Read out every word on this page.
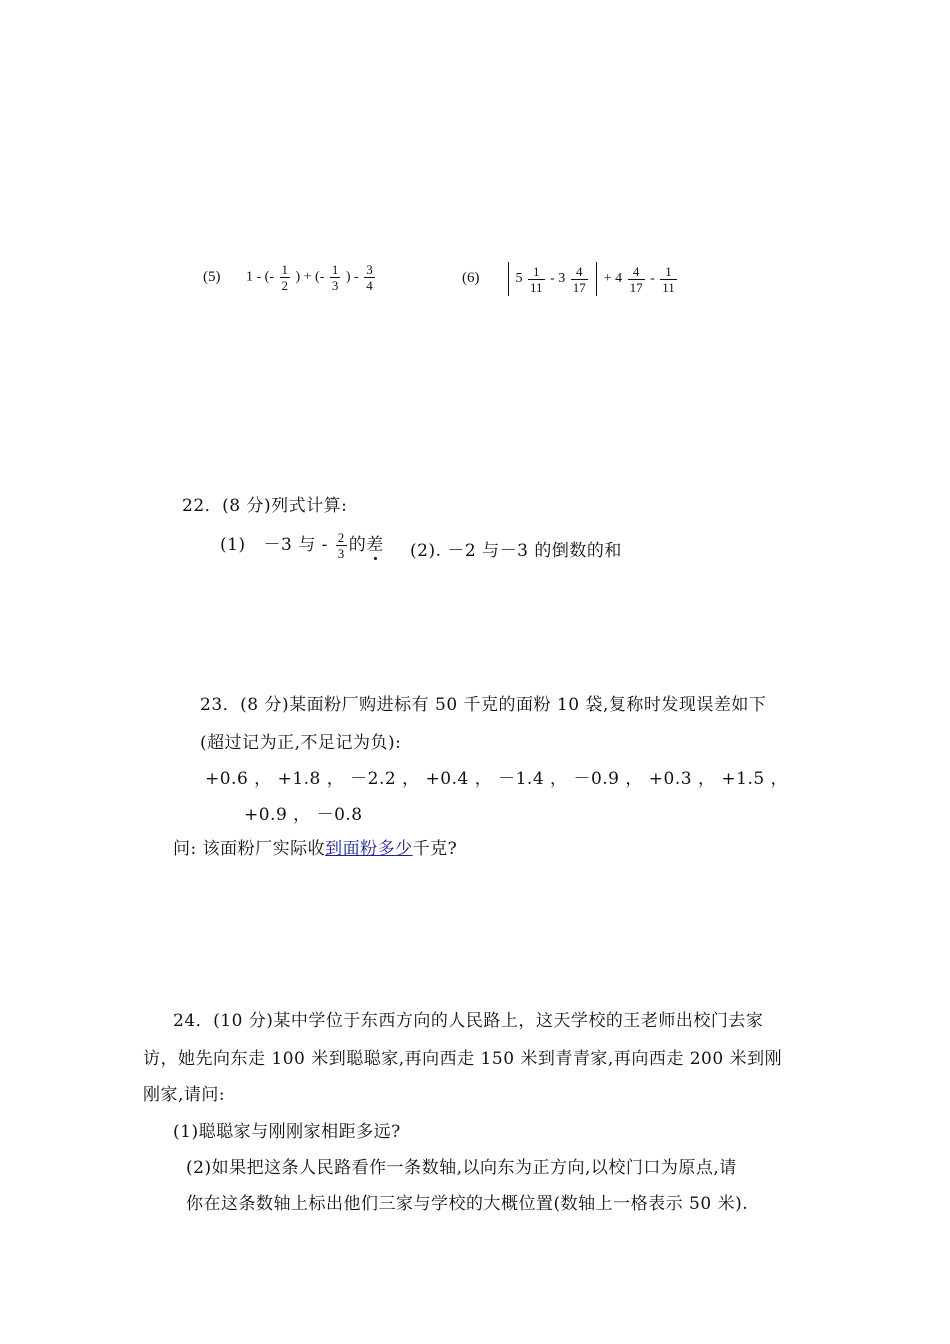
(5) 1 - (- $\frac{1}{2}$ ) + (- $\frac{1}{3}$ ) - $\frac{3}{4}$	(6)	$5 \frac{1}{11} - 3 \frac{4}{17} + 4 \frac{4}{17} - \frac{1}{11}$
22．(8 分)列式计算:
(1) －3 与 - $\frac{2}{3}$ 的差 (2). －2 与－3 的倒数的和
23．(8 分)某面粉厂购进标有 50 千克的面粉 10 袋,复称时发现误差如下
(超过记为正,不足记为负):
+0.6 ， +1.8 ， －2.2 ， +0.4 ， －1.4 ， －0.9 ， +0.3 ， +1.5 ，
+0.9 ， －0.8
问: 该面粉厂实际收到面粉多少千克?
24．(10 分)某中学位于东西方向的人民路上，这天学校的王老师出校门去家
访，她先向东走 100 米到聪聪家,再向西走 150 米到青青家,再向西走 200 米到刚
刚家,请问:
(1)聪聪家与刚刚家相距多远?
(2)如果把这条人民路看作一条数轴,以向东为正方向,以校门口为原点,请
你在这条数轴上标出他们三家与学校的大概位置(数轴上一格表示 50 米).
